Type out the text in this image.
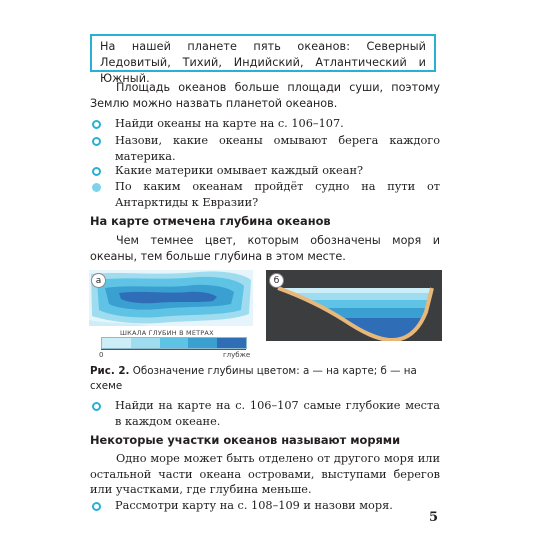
На нашей планете пять океанов: Северный Ледовитый, Тихий, Индийский, Атлантический и Южный.
Площадь океанов больше площади суши, поэтому Землю можно назвать планетой океанов.
Найди океаны на карте на с. 106–107.
Назови, какие океаны омывают берега каждого материка.
Какие материки омывает каждый океан?
По каким океанам пройдёт судно на пути от Антарктиды к Евразии?
На карте отмечена глубина океанов
Чем темнее цвет, которым обозначены моря и океаны, тем больше глубина в этом месте.
а
ШКАЛА ГЛУБИН В МЕТРАХ
0	глубже
б
Рис. 2. Обозначение глубины цветом: а — на карте; б — на схеме
Найди на карте на с. 106–107 самые глубокие места в каждом океане.
Некоторые участки океанов называют морями
Одно море может быть отделено от другого моря или остальной части океана островами, выступами берегов или участками, где глубина меньше.
Рассмотри карту на с. 108–109 и назови моря.
5
